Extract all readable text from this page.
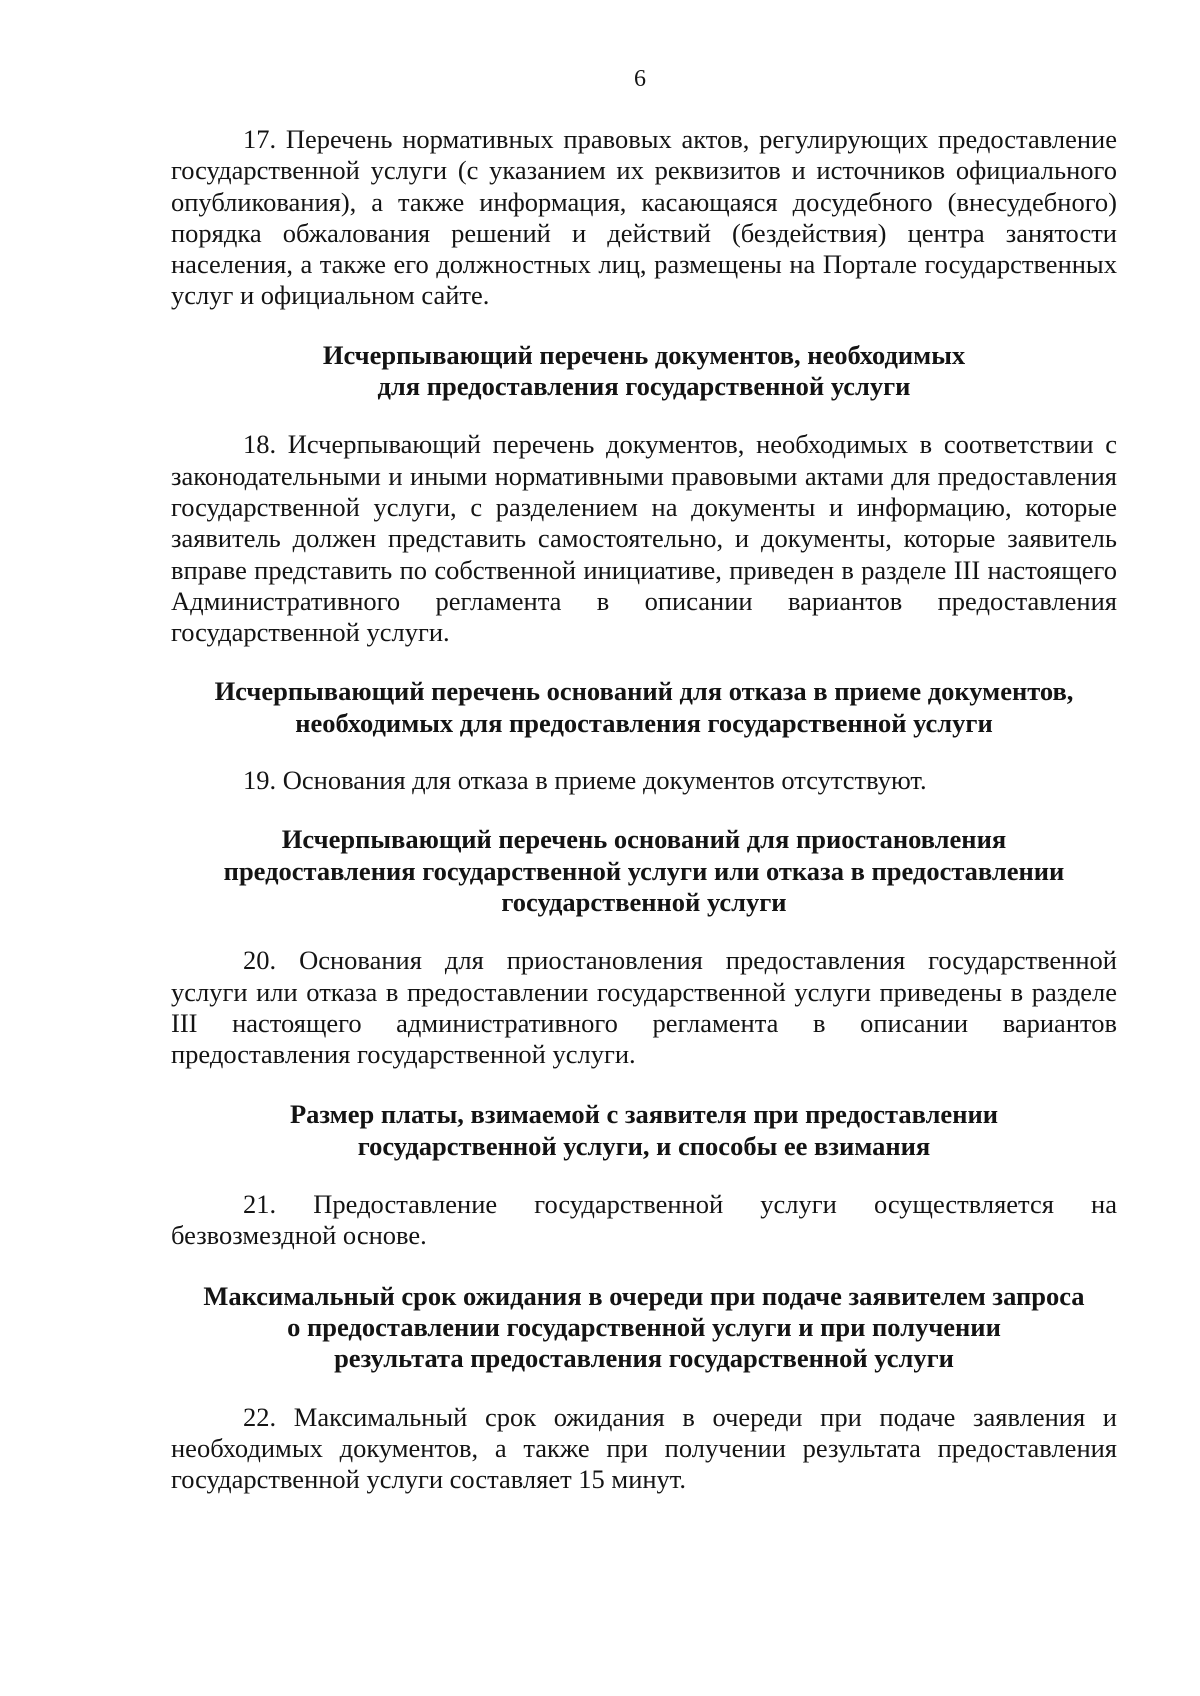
6

17. Перечень нормативных правовых актов, регулирующих предоставление государственной услуги (с указанием их реквизитов и источников официального опубликования), а также информация, касающаяся досудебного (внесудебного) порядка обжалования решений и действий (бездействия) центра занятости населения, а также его должностных лиц, размещены на Портале государственных услуг и официальном сайте.

Исчерпывающий перечень документов, необходимых
для предоставления государственной услуги

18. Исчерпывающий перечень документов, необходимых в соответствии с законодательными и иными нормативными правовыми актами для предоставления государственной услуги, с разделением на документы и информацию, которые заявитель должен представить самостоятельно, и документы, которые заявитель вправе представить по собственной инициативе, приведен в разделе III настоящего Административного регламента в описании вариантов предоставления государственной услуги.

Исчерпывающий перечень оснований для отказа в приеме документов,
необходимых для предоставления государственной услуги

19. Основания для отказа в приеме документов отсутствуют.

Исчерпывающий перечень оснований для приостановления
предоставления государственной услуги или отказа в предоставлении
государственной услуги

20. Основания для приостановления предоставления государственной услуги или отказа в предоставлении государственной услуги приведены в разделе III настоящего административного регламента в описании вариантов предоставления государственной услуги.

Размер платы, взимаемой с заявителя при предоставлении
государственной услуги, и способы ее взимания

21. Предоставление государственной услуги осуществляется на безвозмездной основе.

Максимальный срок ожидания в очереди при подаче заявителем запроса
о предоставлении государственной услуги и при получении
результата предоставления государственной услуги

22. Максимальный срок ожидания в очереди при подаче заявления и необходимых документов, а также при получении результата предоставления государственной услуги составляет 15 минут.
